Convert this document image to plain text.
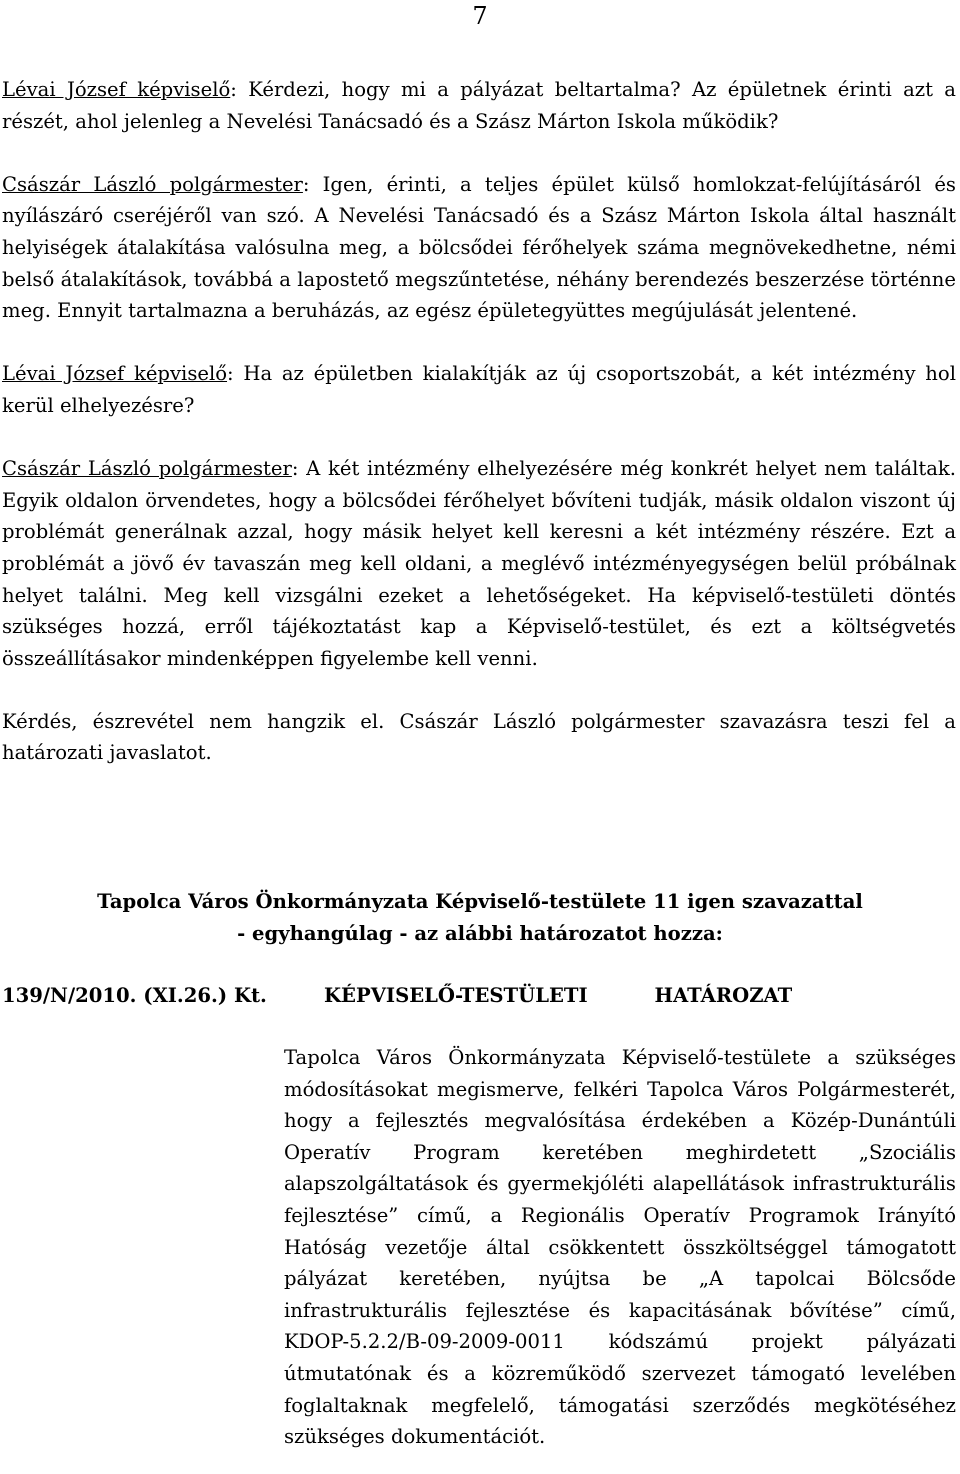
7

Lévai József képviselő: Kérdezi, hogy mi a pályázat beltartalma? Az épületnek érinti azt a részét, ahol jelenleg a Nevelési Tanácsadó és a Szász Márton Iskola működik?

Császár László polgármester: Igen, érinti, a teljes épület külső homlokzat-felújításáról és nyílászáró cseréjéről van szó. A Nevelési Tanácsadó és a Szász Márton Iskola által használt helyiségek átalakítása valósulna meg, a bölcsődei férőhelyek száma megnövekedhetne, némi belső átalakítások, továbbá a lapostető megszűntetése, néhány berendezés beszerzése történne meg. Ennyit tartalmazna a beruházás, az egész épületegyüttes megújulását jelentené.

Lévai József képviselő: Ha az épületben kialakítják az új csoportszobát, a két intézmény hol kerül elhelyezésre?

Császár László polgármester: A két intézmény elhelyezésére még konkrét helyet nem találtak. Egyik oldalon örvendetes, hogy a bölcsődei férőhelyet bővíteni tudják, másik oldalon viszont új problémát generálnak azzal, hogy másik helyet kell keresni a két intézmény részére. Ezt a problémát a jövő év tavaszán meg kell oldani, a meglévő intézményegységen belül próbálnak helyet találni. Meg kell vizsgálni ezeket a lehetőségeket. Ha képviselő-testületi döntés szükséges hozzá, erről tájékoztatást kap a Képviselő-testület, és ezt a költségvetés összeállításakor mindenképpen figyelembe kell venni.

Kérdés, észrevétel nem hangzik el. Császár László polgármester szavazásra teszi fel a határozati javaslatot.

Tapolca Város Önkormányzata Képviselő-testülete 11 igen szavazattal
- egyhangúlag - az alábbi határozatot hozza:
139/N/2010. (XI.26.) Kt.	KÉPVISELŐ-TESTÜLETI HATÁROZAT
Tapolca Város Önkormányzata Képviselő-testülete a szükséges módosításokat megismerve, felkéri Tapolca Város Polgármesterét, hogy a fejlesztés megvalósítása érdekében a Közép-Dunántúli Operatív Program keretében meghirdetett „Szociális alapszolgáltatások és gyermekjóléti alapellátások infrastrukturális fejlesztése” című, a Regionális Operatív Programok Irányító Hatóság vezetője által csökkentett összköltséggel támogatott pályázat keretében, nyújtsa be „A tapolcai Bölcsőde infrastrukturális fejlesztése és kapacitásának bővítése” című, KDOP-5.2.2/B-09-2009-0011 kódszámú projekt pályázati útmutatónak és a közreműködő szervezet támogató levelében foglaltaknak megfelelő, támogatási szerződés megkötéséhez szükséges dokumentációt.
